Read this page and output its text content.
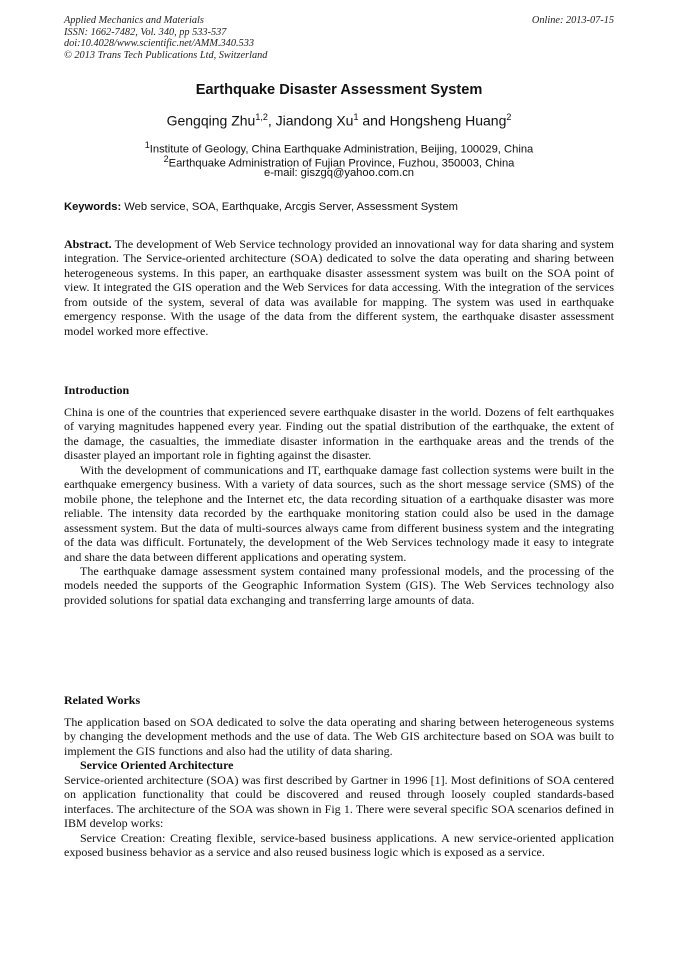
Applied Mechanics and Materials
ISSN: 1662-7482, Vol. 340, pp 533-537
doi:10.4028/www.scientific.net/AMM.340.533
© 2013 Trans Tech Publications Ltd, Switzerland
Online: 2013-07-15
Earthquake Disaster Assessment System
Gengqing Zhu$^{1,2}$, Jiandong Xu$^1$ and Hongsheng Huang$^2$
$^1$Institute of Geology, China Earthquake Administration, Beijing, 100029, China
$^2$Earthquake Administration of Fujian Province, Fuzhou, 350003, China
e-mail: giszgq@yahoo.com.cn
Keywords: Web service, SOA, Earthquake, Arcgis Server, Assessment System

Abstract. The development of Web Service technology provided an innovational way for data sharing and system integration. The Service-oriented architecture (SOA) dedicated to solve the data operating and sharing between heterogeneous systems. In this paper, an earthquake disaster assessment system was built on the SOA point of view. It integrated the GIS operation and the Web Services for data accessing. With the integration of the services from outside of the system, several of data was available for mapping. The system was used in earthquake emergency response. With the usage of the data from the different system, the earthquake disaster assessment model worked more effective.

Introduction

China is one of the countries that experienced severe earthquake disaster in the world. Dozens of felt earthquakes of varying magnitudes happened every year. Finding out the spatial distribution of the earthquake, the extent of the damage, the casualties, the immediate disaster information in the earthquake areas and the trends of the disaster played an important role in fighting against the disaster.

With the development of communications and IT, earthquake damage fast collection systems were built in the earthquake emergency business. With a variety of data sources, such as the short message service (SMS) of the mobile phone, the telephone and the Internet etc, the data recording situation of a earthquake disaster was more reliable. The intensity data recorded by the earthquake monitoring station could also be used in the damage assessment system. But the data of multi-sources always came from different business system and the integrating of the data was difficult. Fortunately, the development of the Web Services technology made it easy to integrate and share the data between different applications and operating system.

The earthquake damage assessment system contained many professional models, and the processing of the models needed the supports of the Geographic Information System (GIS). The Web Services technology also provided solutions for spatial data exchanging and transferring large amounts of data.

Related Works

The application based on SOA dedicated to solve the data operating and sharing between heterogeneous systems by changing the development methods and the use of data. The Web GIS architecture based on SOA was built to implement the GIS functions and also had the utility of data sharing.

Service Oriented Architecture

Service-oriented architecture (SOA) was first described by Gartner in 1996 [1]. Most definitions of SOA centered on application functionality that could be discovered and reused through loosely coupled standards-based interfaces. The architecture of the SOA was shown in Fig 1. There were several specific SOA scenarios defined in IBM develop works:

Service Creation: Creating flexible, service-based business applications. A new service-oriented application exposed business behavior as a service and also reused business logic which is exposed as a service.
